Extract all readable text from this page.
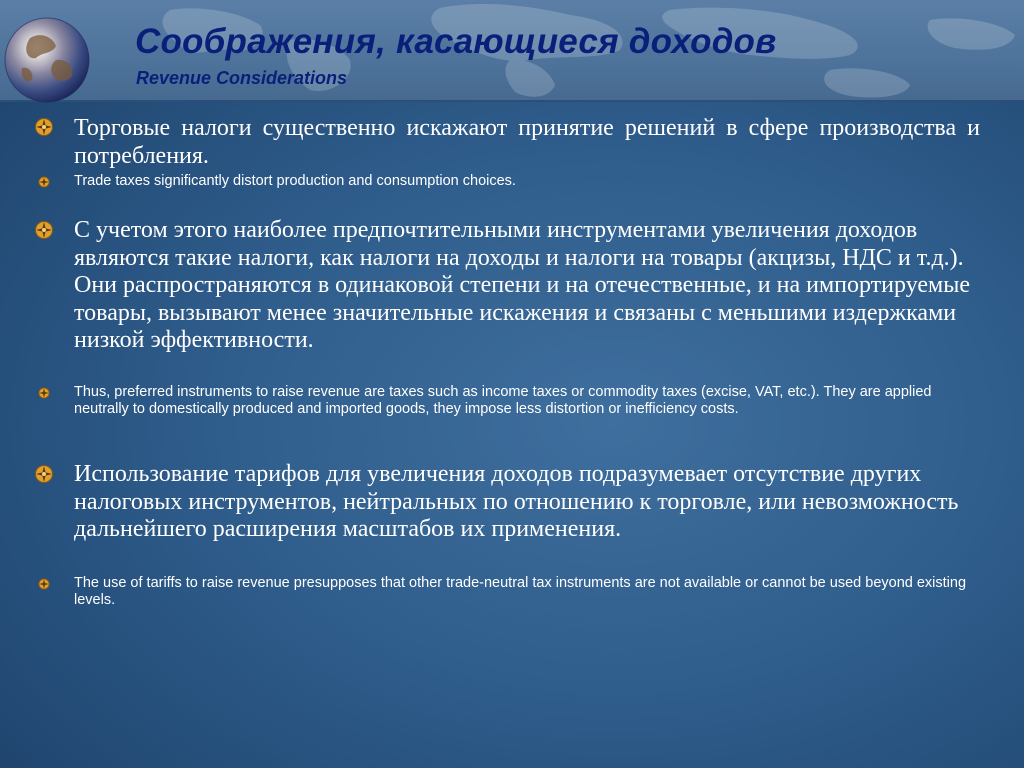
Соображения, касающиеся доходов
Revenue Considerations
Торговые налоги существенно искажают принятие решений в сфере производства и потребления.
Trade taxes significantly distort production and consumption choices.
С учетом этого наиболее предпочтительными инструментами увеличения доходов являются такие налоги, как налоги на доходы и налоги на товары (акцизы, НДС и т.д.). Они распространяются в одинаковой степени и на отечественные, и на импортируемые товары, вызывают менее значительные искажения и связаны с меньшими издержками низкой эффективности.
Thus, preferred instruments to raise revenue are taxes such as income taxes or commodity taxes (excise, VAT, etc.). They are applied neutrally to domestically produced and imported goods, they impose less distortion or inefficiency costs.
Использование тарифов для увеличения доходов подразумевает отсутствие других налоговых инструментов, нейтральных по отношению к торговле, или невозможность дальнейшего расширения масштабов их применения.
The use of tariffs to raise revenue presupposes that other trade-neutral tax instruments are not available or cannot be used beyond existing levels.
